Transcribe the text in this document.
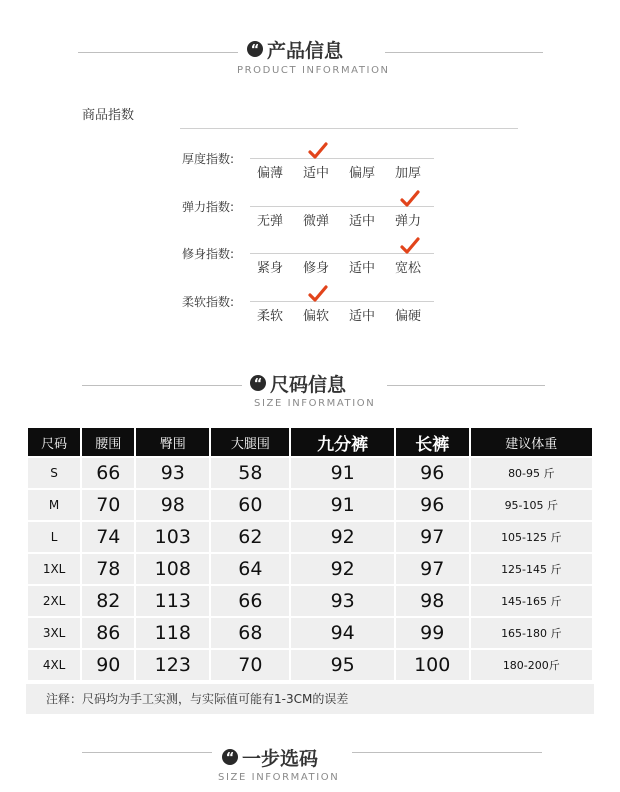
“ 产品信息
PRODUCT INFORMATION
商品指数
厚度指数:
偏薄	适中	偏厚	加厚
弹力指数:
无弹	微弹	适中	弹力
修身指数:
紧身	修身	适中	宽松
柔软指数:
柔软	偏软	适中	偏硬
“ 尺码信息
SIZE INFORMATION
尺码	腰围	臀围	大腿围	九分裤	长裤	建议体重
S	66	93	58	91	96	80-95 斤
M	70	98	60	91	96	95-105 斤
L	74	103	62	92	97	105-125 斤
1XL	78	108	64	92	97	125-145 斤
2XL	82	113	66	93	98	145-165 斤
3XL	86	118	68	94	99	165-180 斤
4XL	90	123	70	95	100	180-200斤
注释：尺码均为手工实测，与实际值可能有1-3CM的误差
“ 一步选码
SIZE INFORMATION
